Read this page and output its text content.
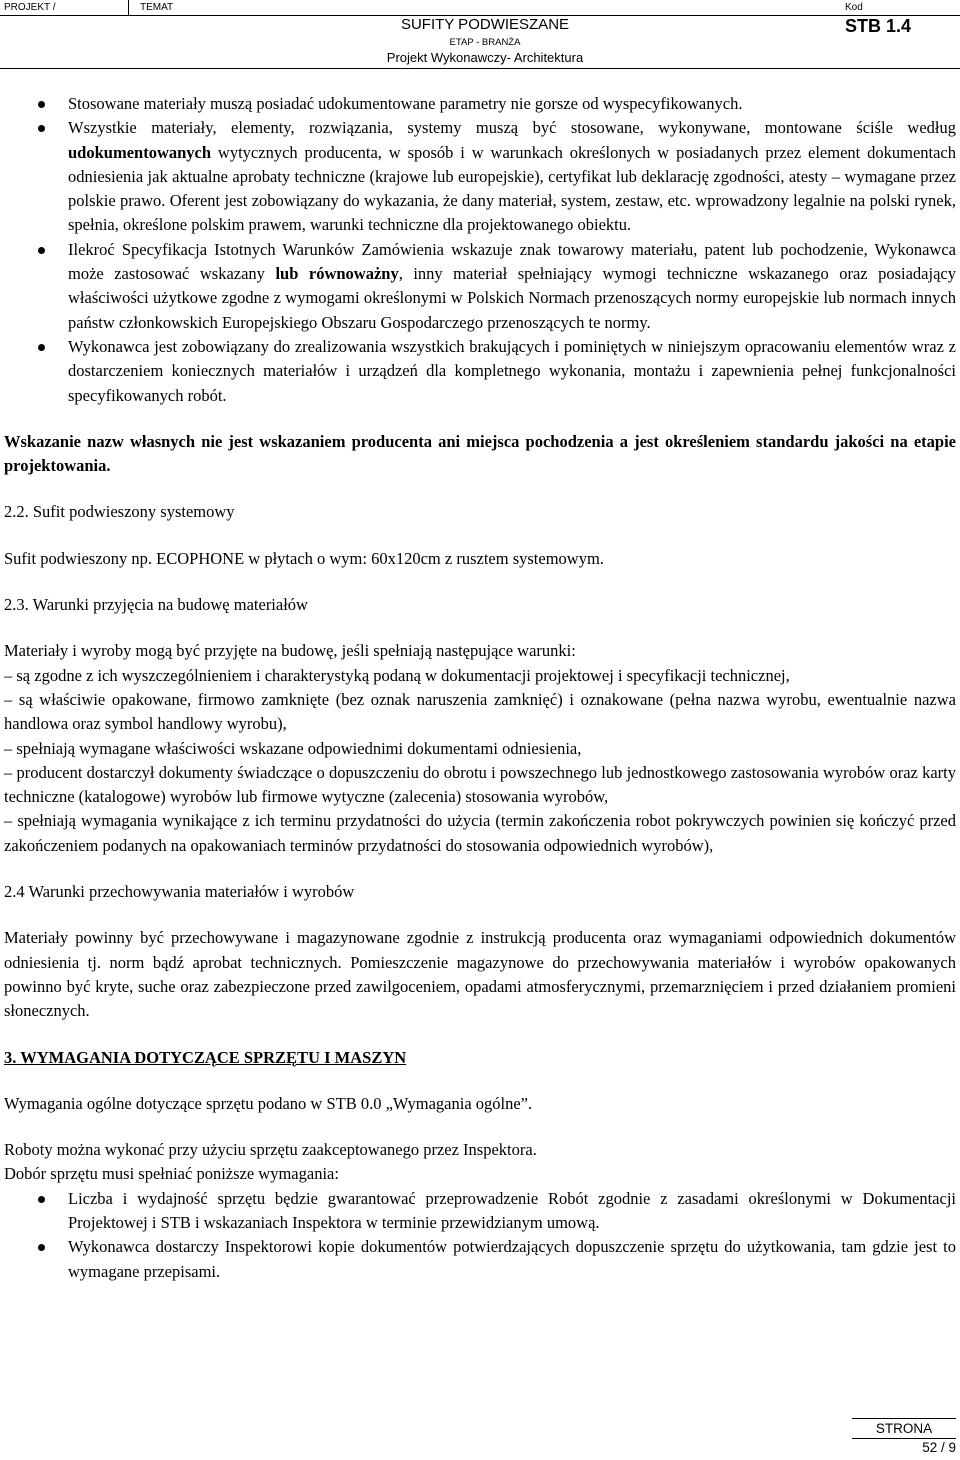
PROJEKT /	TEMAT	Kod
SUFITY PODWIESZANE
ETAP - BRANŻA
Projekt Wykonawczy- Architektura
STB 1.4
Stosowane materiały muszą posiadać udokumentowane parametry nie gorsze od wyspecyfikowanych.
Wszystkie materiały, elementy, rozwiązania, systemy muszą być stosowane, wykonywane, montowane ściśle według udokumentowanych wytycznych producenta, w sposób i w warunkach określonych w posiadanych przez element dokumentach odniesienia jak aktualne aprobaty techniczne (krajowe lub europejskie), certyfikat lub deklarację zgodności, atesty – wymagane przez polskie prawo. Oferent jest zobowiązany do wykazania, że dany materiał, system, zestaw, etc. wprowadzony legalnie na polski rynek, spełnia, określone polskim prawem, warunki techniczne dla projektowanego obiektu.
Ilekroć Specyfikacja Istotnych Warunków Zamówienia wskazuje znak towarowy materiału, patent lub pochodzenie, Wykonawca może zastosować wskazany lub równoważny, inny materiał spełniający wymogi techniczne wskazanego oraz posiadający właściwości użytkowe zgodne z wymogami określonymi w Polskich Normach przenoszących normy europejskie lub normach innych państw członkowskich Europejskiego Obszaru Gospodarczego przenoszących te normy.
Wykonawca jest zobowiązany do zrealizowania wszystkich brakujących i pominiętych w niniejszym opracowaniu elementów wraz z dostarczeniem koniecznych materiałów i urządzeń dla kompletnego wykonania, montażu i zapewnienia pełnej funkcjonalności specyfikowanych robót.

Wskazanie nazw własnych nie jest wskazaniem producenta ani miejsca pochodzenia a jest określeniem standardu jakości na etapie projektowania.

2.2. Sufit podwieszony systemowy

Sufit podwieszony np. ECOPHONE w płytach o wym: 60x120cm z rusztem systemowym.

2.3. Warunki przyjęcia na budowę materiałów

Materiały i wyroby mogą być przyjęte na budowę, jeśli spełniają następujące warunki:

– są zgodne z ich wyszczególnieniem i charakterystyką podaną w dokumentacji projektowej i specyfikacji technicznej,

– są właściwie opakowane, firmowo zamknięte (bez oznak naruszenia zamknięć) i oznakowane (pełna nazwa wyrobu, ewentualnie nazwa handlowa oraz symbol handlowy wyrobu),

– spełniają wymagane właściwości wskazane odpowiednimi dokumentami odniesienia,

– producent dostarczył dokumenty świadczące o dopuszczeniu do obrotu i powszechnego lub jednostkowego zastosowania wyrobów oraz karty techniczne (katalogowe) wyrobów lub firmowe wytyczne (zalecenia) stosowania wyrobów,

– spełniają wymagania wynikające z ich terminu przydatności do użycia (termin zakończenia robot pokrywczych powinien się kończyć przed zakończeniem podanych na opakowaniach terminów przydatności do stosowania odpowiednich wyrobów),

2.4 Warunki przechowywania materiałów i wyrobów

Materiały powinny być przechowywane i magazynowane zgodnie z instrukcją producenta oraz wymaganiami odpowiednich dokumentów odniesienia tj. norm bądź aprobat technicznych. Pomieszczenie magazynowe do przechowywania materiałów i wyrobów opakowanych powinno być kryte, suche oraz zabezpieczone przed zawilgoceniem, opadami atmosferycznymi, przemarznięciem i przed działaniem promieni słonecznych.

3. WYMAGANIA DOTYCZĄCE SPRZĘTU I MASZYN

Wymagania ogólne dotyczące sprzętu podano w STB 0.0 „Wymagania ogólne”.

Roboty można wykonać przy użyciu sprzętu zaakceptowanego przez Inspektora.

Dobór sprzętu musi spełniać poniższe wymagania:

Liczba i wydajność sprzętu będzie gwarantować przeprowadzenie Robót zgodnie z zasadami określonymi w Dokumentacji Projektowej i STB i wskazaniach Inspektora w terminie przewidzianym umową.
Wykonawca dostarczy Inspektorowi kopie dokumentów potwierdzających dopuszczenie sprzętu do użytkowania, tam gdzie jest to wymagane przepisami.
STRONA
52 / 9
